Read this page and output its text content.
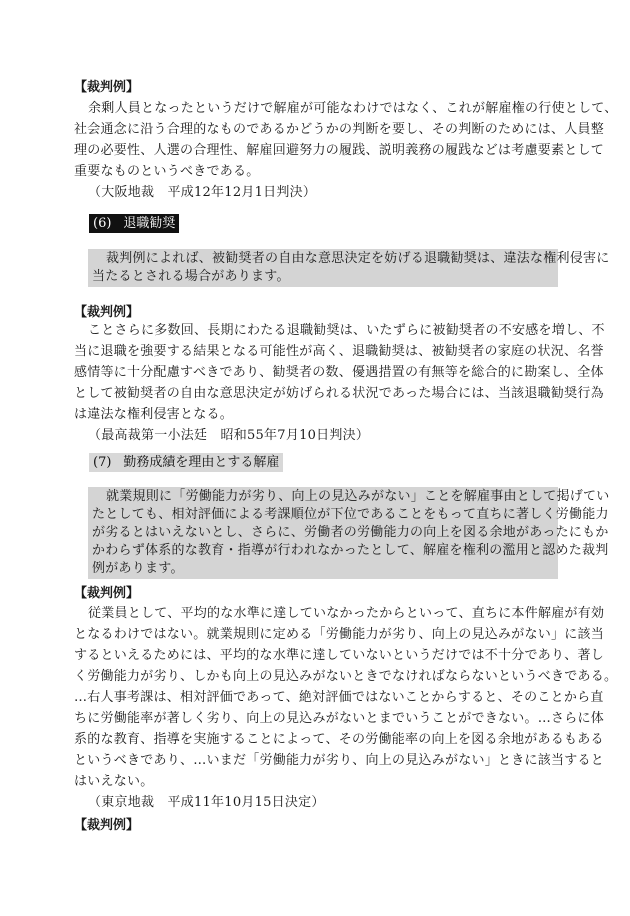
【裁判例】
余剰人員となったというだけで解雇が可能なわけではなく、これが解雇権の行使として、
社会通念に沿う合理的なものであるかどうかの判断を要し、その判断のためには、人員整
理の必要性、人選の合理性、解雇回避努力の履践、説明義務の履践などは考慮要素として
重要なものというべきである。
（大阪地裁　平成12年12月1日判決）
(6) 退職勧奨
裁判例によれば、被勧奨者の自由な意思決定を妨げる退職勧奨は、違法な権利侵害に
当たるとされる場合があります。
【裁判例】
ことさらに多数回、長期にわたる退職勧奨は、いたずらに被勧奨者の不安感を増し、不
当に退職を強要する結果となる可能性が高く、退職勧奨は、被勧奨者の家庭の状況、名誉
感情等に十分配慮すべきであり、勧奨者の数、優遇措置の有無等を総合的に勘案し、全体
として被勧奨者の自由な意思決定が妨げられる状況であった場合には、当該退職勧奨行為
は違法な権利侵害となる。
（最高裁第一小法廷　昭和55年7月10日判決）
(7) 勤務成績を理由とする解雇
就業規則に「労働能力が劣り、向上の見込みがない」ことを解雇事由として掲げてい
たとしても、相対評価による考課順位が下位であることをもって直ちに著しく労働能力
が劣るとはいえないとし、さらに、労働者の労働能力の向上を図る余地があったにもか
かわらず体系的な教育・指導が行われなかったとして、解雇を権利の濫用と認めた裁判
例があります。
【裁判例】
従業員として、平均的な水準に達していなかったからといって、直ちに本件解雇が有効
となるわけではない。就業規則に定める「労働能力が劣り、向上の見込みがない」に該当
するといえるためには、平均的な水準に達していないというだけでは不十分であり、著し
く労働能力が劣り、しかも向上の見込みがないときでなければならないというべきである。
…右人事考課は、相対評価であって、絶対評価ではないことからすると、そのことから直
ちに労働能率が著しく劣り、向上の見込みがないとまでいうことができない。…さらに体
系的な教育、指導を実施することによって、その労働能率の向上を図る余地があるもある
というべきであり、…いまだ「労働能力が劣り、向上の見込みがない」ときに該当すると
はいえない。
（東京地裁　平成11年10月15日決定）
【裁判例】
